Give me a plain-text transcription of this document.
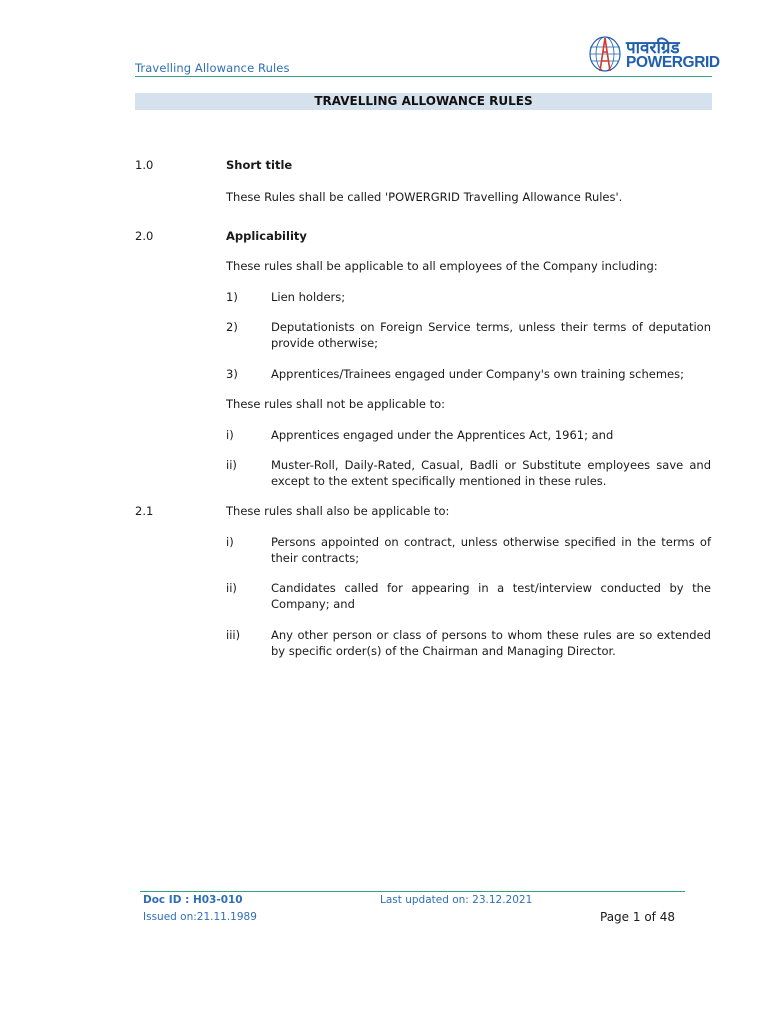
Travelling Allowance Rules
पावरग्रिड
POWERGRID
TRAVELLING ALLOWANCE RULES
1.0	Short title
These Rules shall be called 'POWERGRID Travelling Allowance Rules'.
2.0	Applicability
These rules shall be applicable to all employees of the Company including:
1)	Lien holders;
2)	Deputationists on Foreign Service terms, unless their terms of deputation provide otherwise;
3)	Apprentices/Trainees engaged under Company's own training schemes;
These rules shall not be applicable to:
i)	Apprentices engaged under the Apprentices Act, 1961; and
ii)	Muster-Roll, Daily-Rated, Casual, Badli or Substitute employees save and except to the extent specifically mentioned in these rules.
2.1	These rules shall also be applicable to:
i)	Persons appointed on contract, unless otherwise specified in the terms of their contracts;
ii)	Candidates called for appearing in a test/interview conducted by the Company; and
iii)	Any other person or class of persons to whom these rules are so extended by specific order(s) of the Chairman and Managing Director.
Doc ID : H03-010
Issued on:21.11.1989
Last updated on: 23.12.2021
Page 1 of 48
